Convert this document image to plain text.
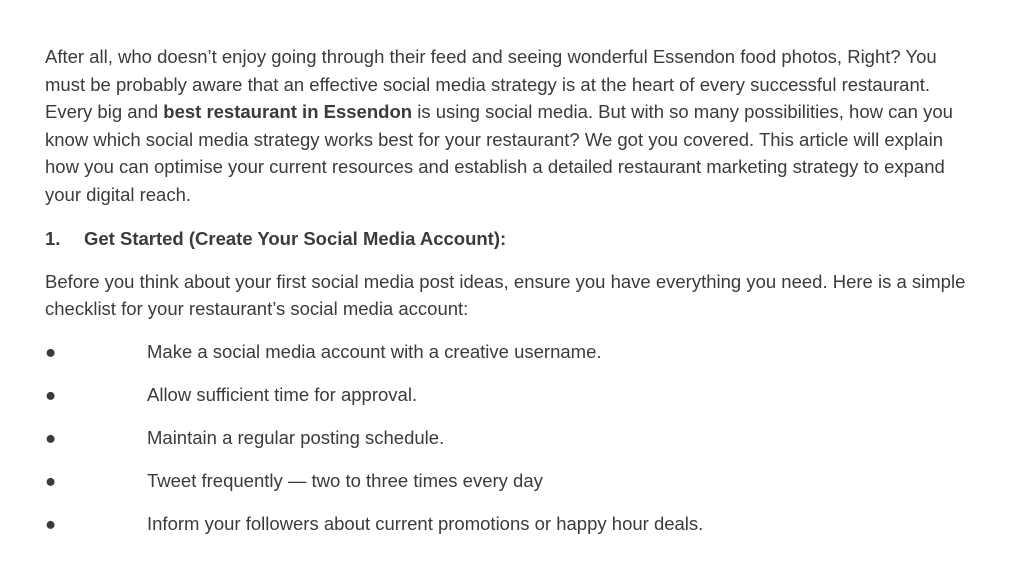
After all, who doesn’t enjoy going through their feed and seeing wonderful Essendon food photos, Right? You must be probably aware that an effective social media strategy is at the heart of every successful restaurant. Every big and best restaurant in Essendon is using social media. But with so many possibilities, how can you know which social media strategy works best for your restaurant? We got you covered. This article will explain how you can optimise your current resources and establish a detailed restaurant marketing strategy to expand your digital reach.

1.	Get Started (Create Your Social Media Account):

Before you think about your first social media post ideas, ensure you have everything you need. Here is a simple checklist for your restaurant’s social media account:

●	Make a social media account with a creative username.
●	Allow sufficient time for approval.
●	Maintain a regular posting schedule.
●	Tweet frequently — two to three times every day
●	Inform your followers about current promotions or happy hour deals.
